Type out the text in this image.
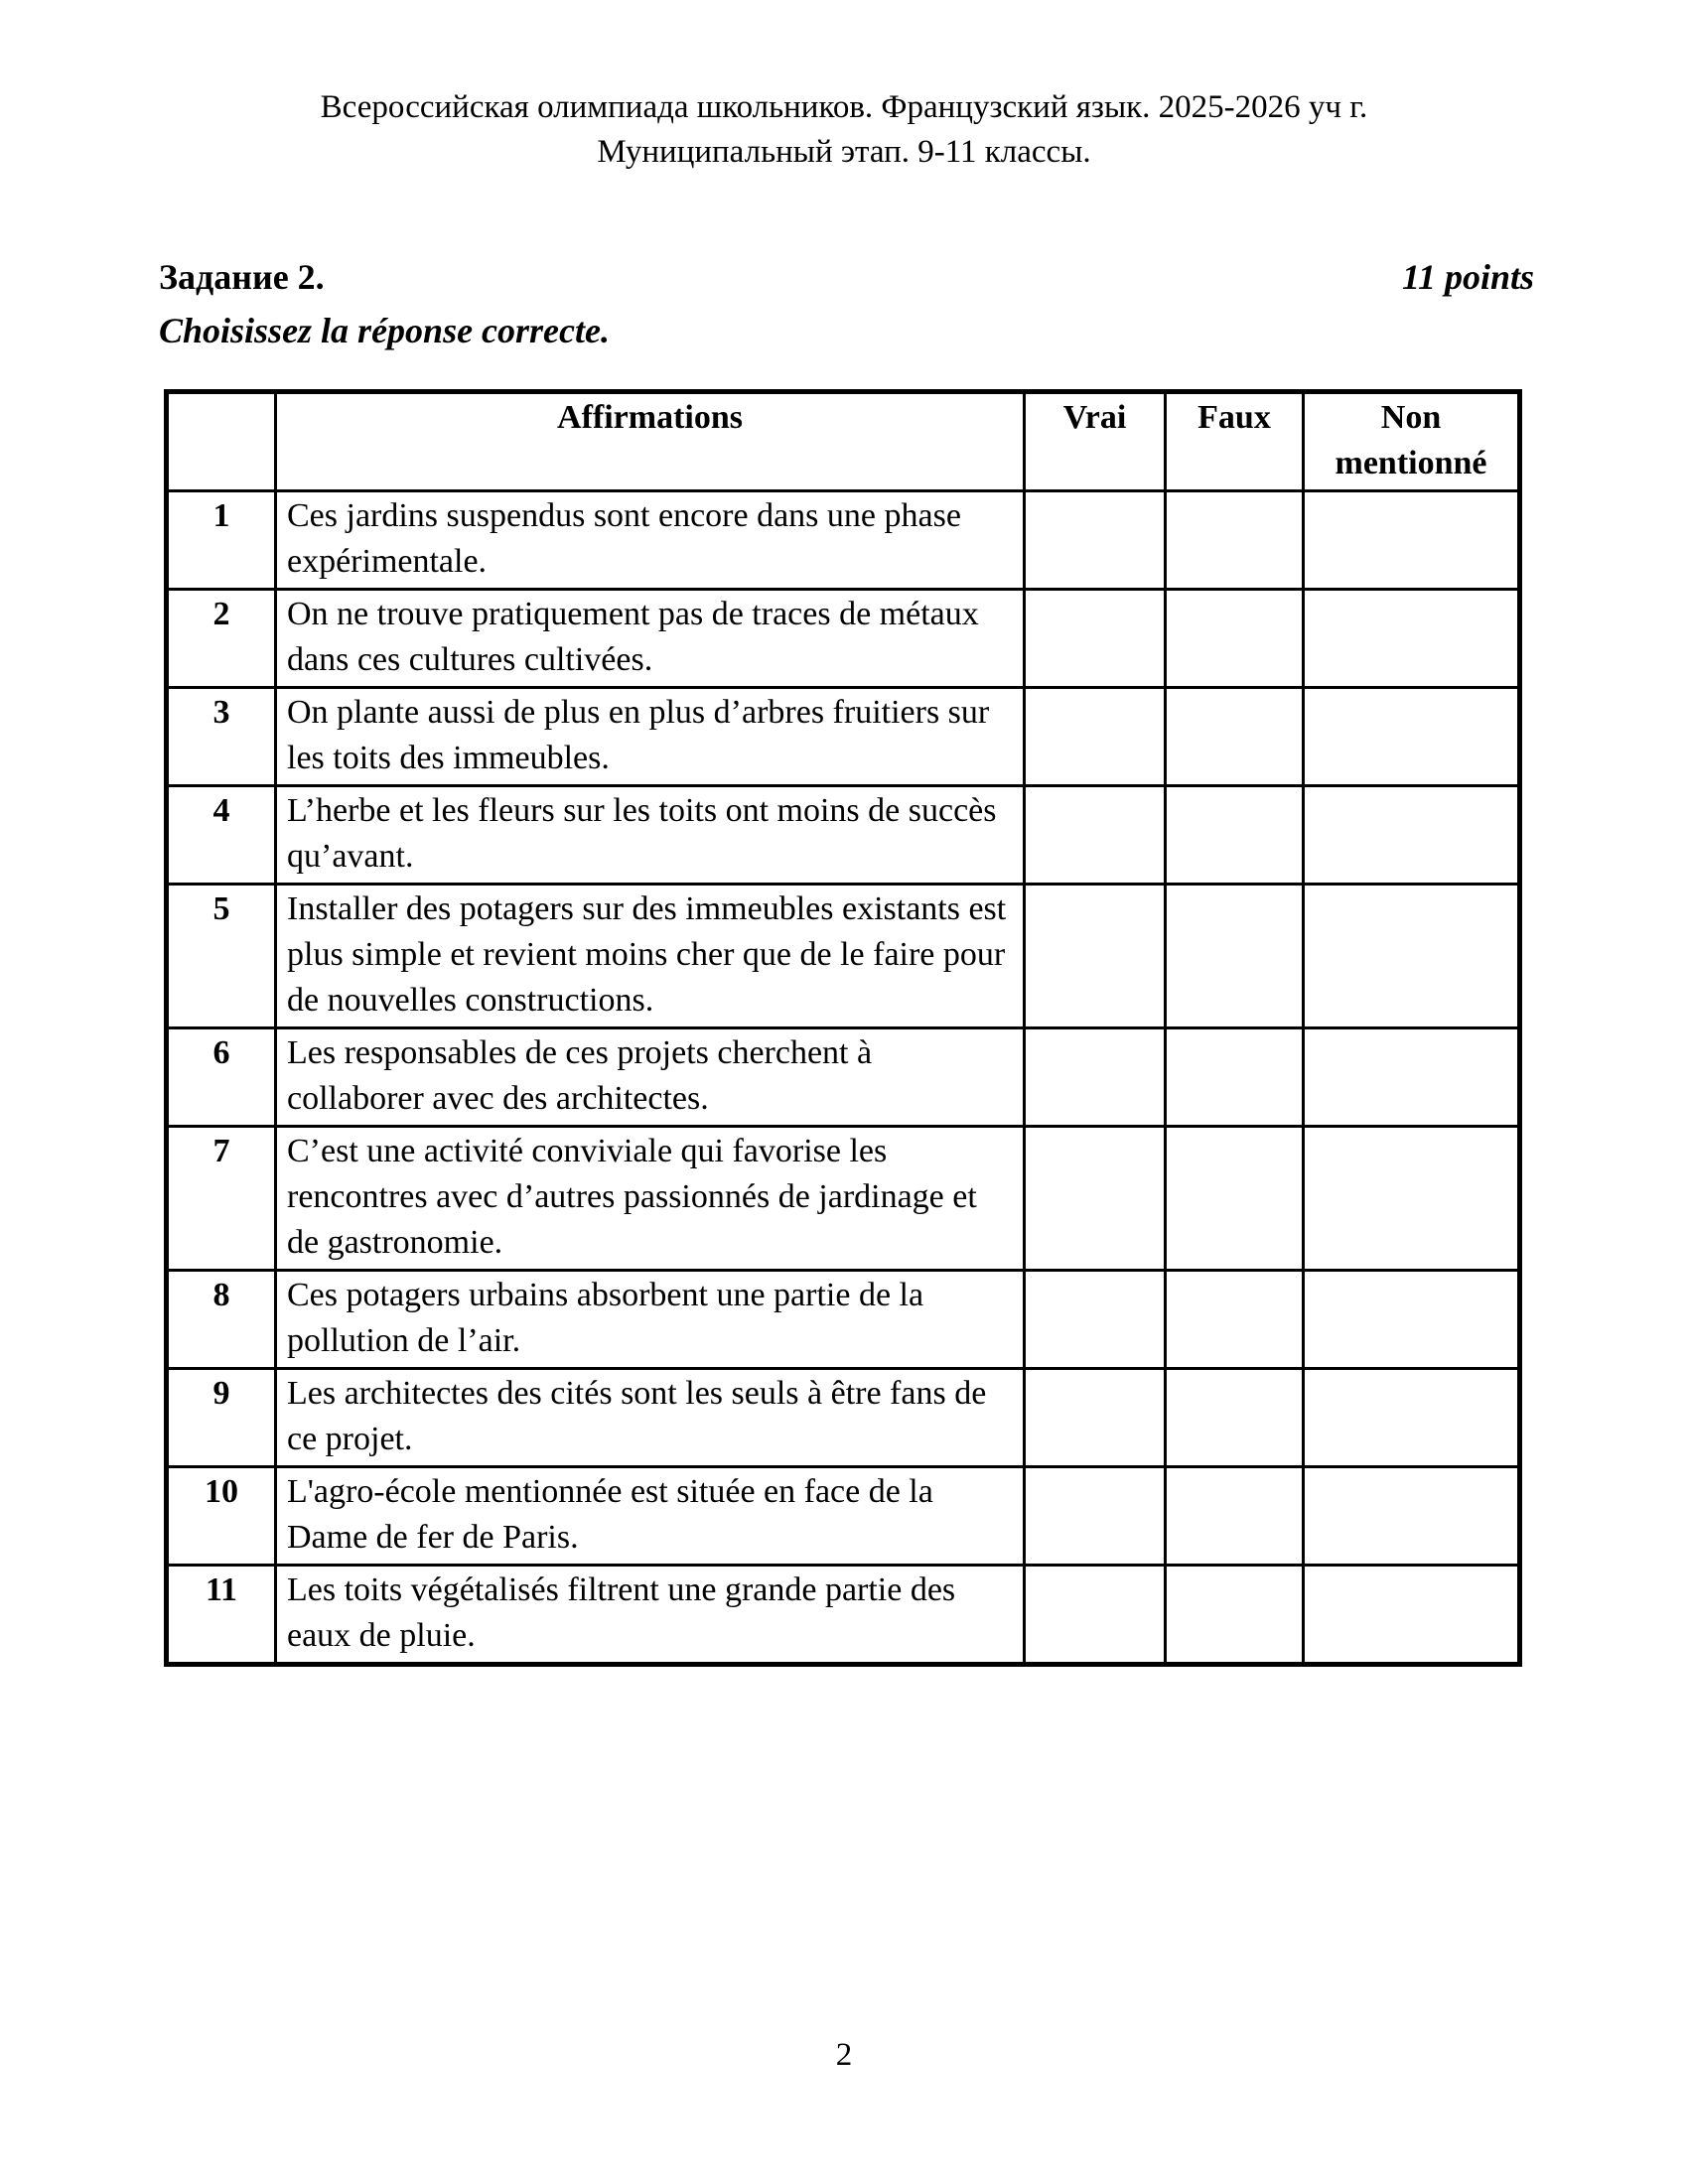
Всероссийская олимпиада школьников. Французский язык. 2025-2026 уч г.
Муниципальный этап. 9-11 классы.
Задание 2.	11 points
Choisissez la réponse correcte.
	Affirmations	Vrai	Faux	Non mentionné
1	Ces jardins suspendus sont encore dans une phase expérimentale.			
2	On ne trouve pratiquement pas de traces de métaux dans ces cultures cultivées.			
3	On plante aussi de plus en plus d’arbres fruitiers sur les toits des immeubles.			
4	L’herbe et les fleurs sur les toits ont moins de succès qu’avant.			
5	Installer des potagers sur des immeubles existants est plus simple et revient moins cher que de le faire pour de nouvelles constructions.			
6	Les responsables de ces projets cherchent à collaborer avec des architectes.			
7	C’est une activité conviviale qui favorise les rencontres avec d’autres passionnés de jardinage et de gastronomie.			
8	Ces potagers urbains absorbent une partie de la pollution de l’air.			
9	Les architectes des cités sont les seuls à être fans de ce projet.			
10	L'agro-école mentionnée est située en face de la Dame de fer de Paris.			
11	Les toits végétalisés filtrent une grande partie des eaux de pluie.			
2
